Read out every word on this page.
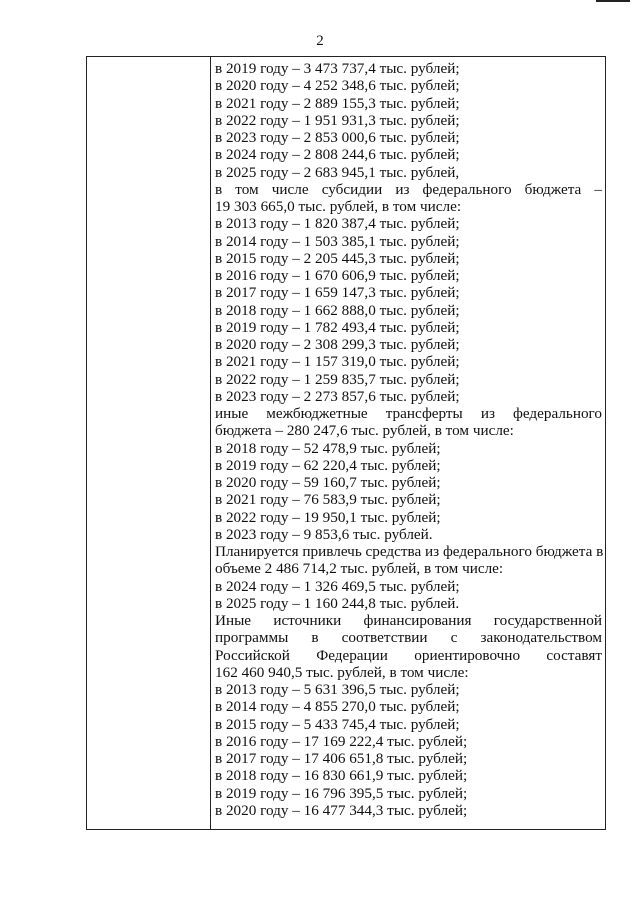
2
в 2019 году – 3 473 737,4 тыс. рублей;
в 2020 году – 4 252 348,6 тыс. рублей;
в 2021 году – 2 889 155,3 тыс. рублей;
в 2022 году – 1 951 931,3 тыс. рублей;
в 2023 году – 2 853 000,6 тыс. рублей;
в 2024 году – 2 808 244,6 тыс. рублей;
в 2025 году – 2 683 945,1 тыс. рублей,
в том числе субсидии из федерального бюджета –
19 303 665,0 тыс. рублей, в том числе:
в 2013 году – 1 820 387,4 тыс. рублей;
в 2014 году – 1 503 385,1 тыс. рублей;
в 2015 году – 2 205 445,3 тыс. рублей;
в 2016 году – 1 670 606,9 тыс. рублей;
в 2017 году – 1 659 147,3 тыс. рублей;
в 2018 году – 1 662 888,0 тыс. рублей;
в 2019 году – 1 782 493,4 тыс. рублей;
в 2020 году – 2 308 299,3 тыс. рублей;
в 2021 году – 1 157 319,0 тыс. рублей;
в 2022 году – 1 259 835,7 тыс. рублей;
в 2023 году – 2 273 857,6 тыс. рублей;
иные межбюджетные трансферты из федерального
бюджета – 280 247,6 тыс. рублей, в том числе:
в 2018 году – 52 478,9 тыс. рублей;
в 2019 году – 62 220,4 тыс. рублей;
в 2020 году – 59 160,7 тыс. рублей;
в 2021 году – 76 583,9 тыс. рублей;
в 2022 году – 19 950,1 тыс. рублей;
в 2023 году – 9 853,6 тыс. рублей.
Планируется привлечь средства из федерального бюджета в
объеме 2 486 714,2 тыс. рублей, в том числе:
в 2024 году – 1 326 469,5 тыс. рублей;
в 2025 году – 1 160 244,8 тыс. рублей.
Иные источники финансирования государственной
программы в соответствии с законодательством
Российской Федерации ориентировочно составят
162 460 940,5 тыс. рублей, в том числе:
в 2013 году – 5 631 396,5 тыс. рублей;
в 2014 году – 4 855 270,0 тыс. рублей;
в 2015 году – 5 433 745,4 тыс. рублей;
в 2016 году – 17 169 222,4 тыс. рублей;
в 2017 году – 17 406 651,8 тыс. рублей;
в 2018 году – 16 830 661,9 тыс. рублей;
в 2019 году – 16 796 395,5 тыс. рублей;
в 2020 году – 16 477 344,3 тыс. рублей;
